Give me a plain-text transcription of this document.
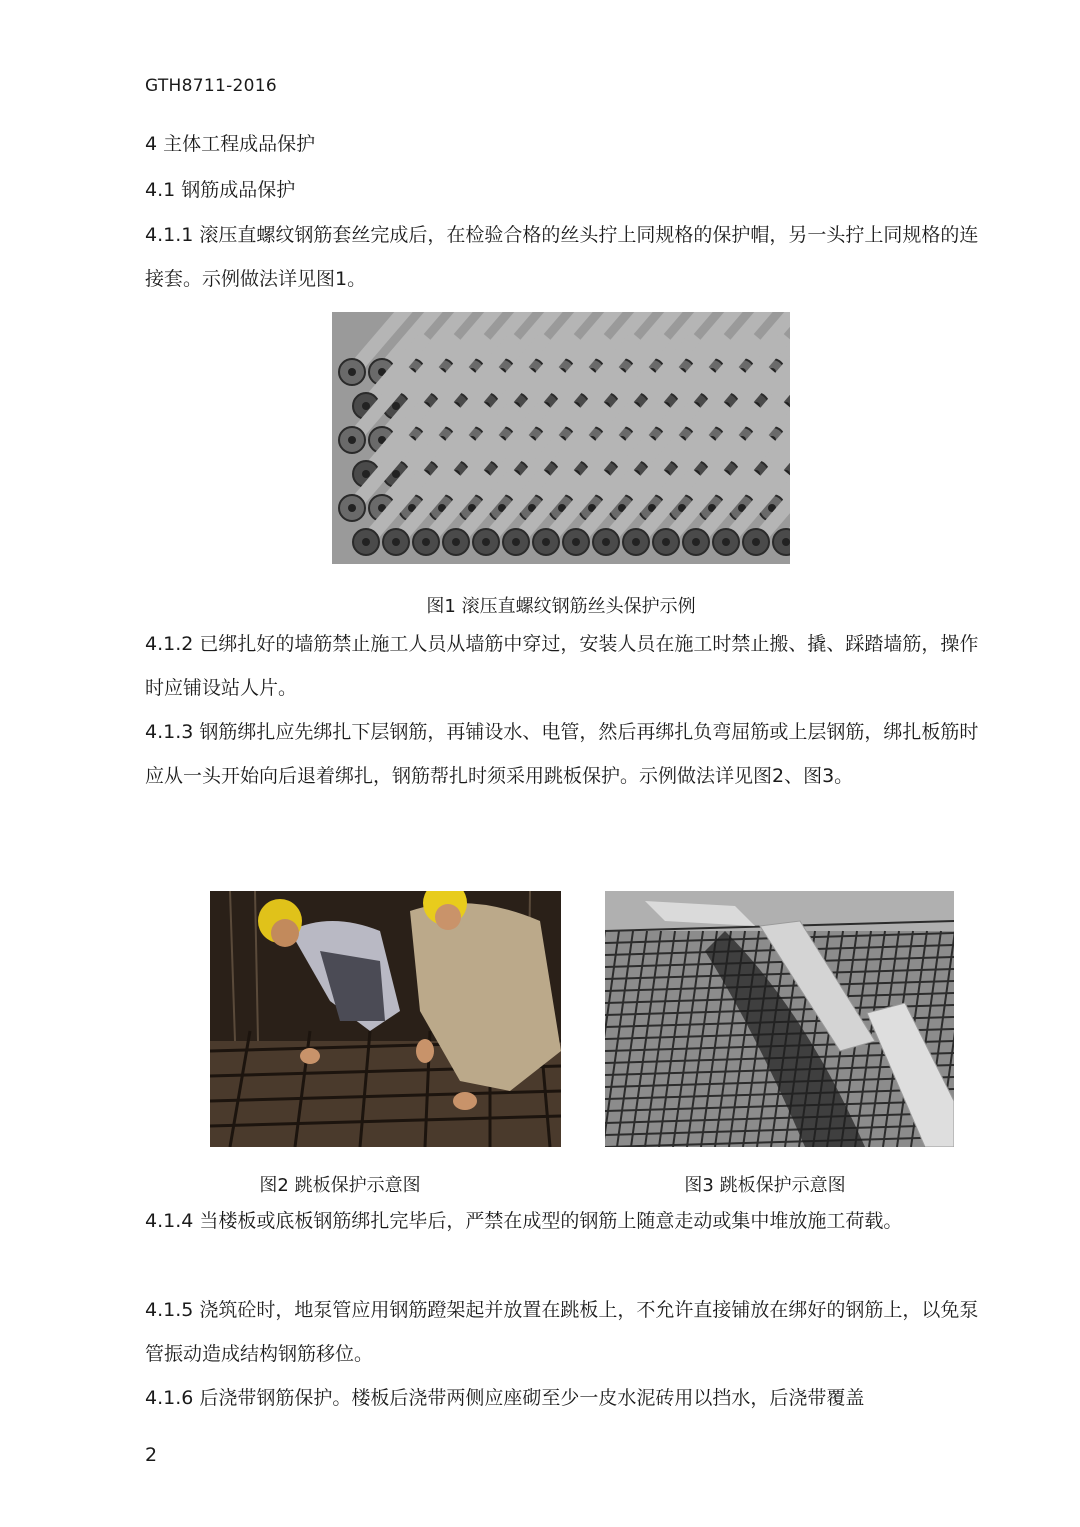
GTH8711-2016
4 主体工程成品保护
4.1 钢筋成品保护

4.1.1 滚压直螺纹钢筋套丝完成后，在检验合格的丝头拧上同规格的保护帽，另一头拧上同规格的连接套。示例做法详见图1。

图1 滚压直螺纹钢筋丝头保护示例

4.1.2 已绑扎好的墙筋禁止施工人员从墙筋中穿过，安装人员在施工时禁止搬、撬、踩踏墙筋，操作时应铺设站人片。

4.1.3 钢筋绑扎应先绑扎下层钢筋，再铺设水、电管，然后再绑扎负弯屈筋或上层钢筋，绑扎板筋时应从一头开始向后退着绑扎，钢筋帮扎时须采用跳板保护。示例做法详见图2、图3。

图2 跳板保护示意图	图3 跳板保护示意图

4.1.4 当楼板或底板钢筋绑扎完毕后，严禁在成型的钢筋上随意走动或集中堆放施工荷载。

4.1.5 浇筑砼时，地泵管应用钢筋蹬架起并放置在跳板上，不允许直接铺放在绑好的钢筋上，以免泵管振动造成结构钢筋移位。

4.1.6 后浇带钢筋保护。楼板后浇带两侧应座砌至少一皮水泥砖用以挡水，后浇带覆盖

2
